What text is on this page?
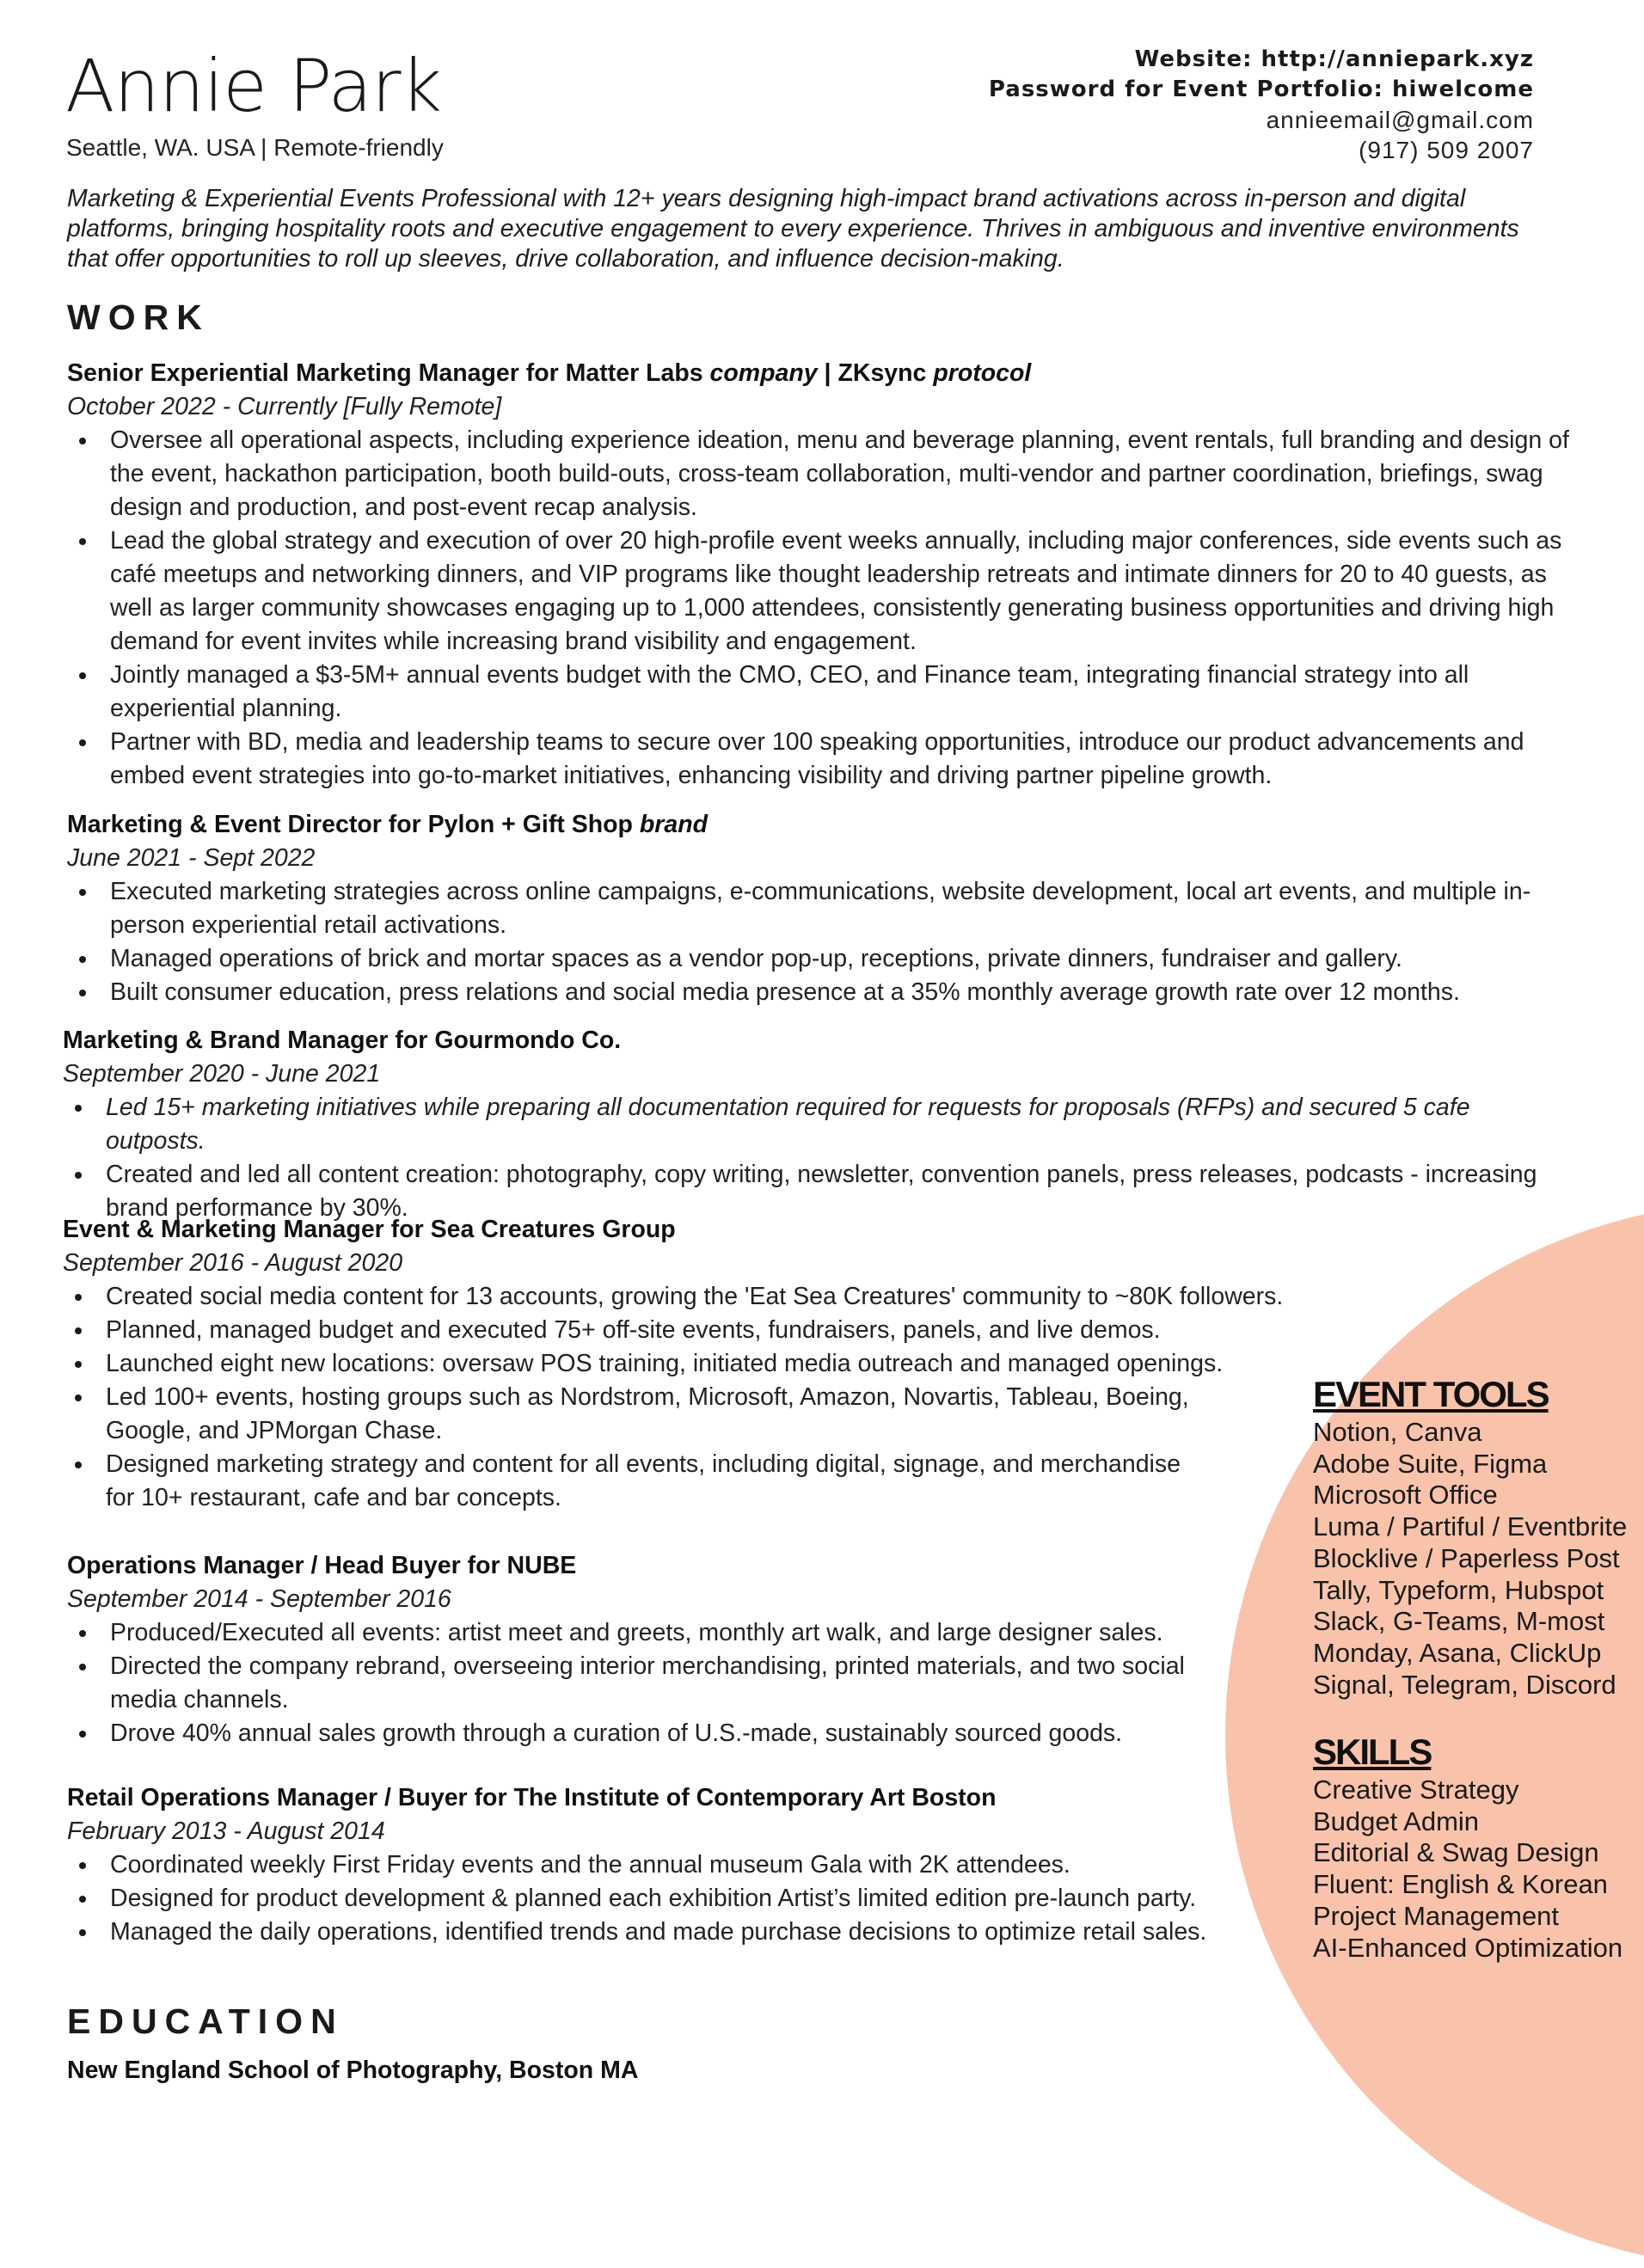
Annie Park
Seattle, WA. USA | Remote-friendly
Website: http://anniepark.xyz
Password for Event Portfolio: hiwelcome
annieemail@gmail.com
(917) 509 2007
Marketing & Experiential Events Professional with 12+ years designing high-impact brand activations across in-person and digital platforms, bringing hospitality roots and executive engagement to every experience. Thrives in ambiguous and inventive environments that offer opportunities to roll up sleeves, drive collaboration, and influence decision-making.
WORK
Senior Experiential Marketing Manager for Matter Labs company | ZKsync protocol
October 2022 - Currently [Fully Remote]
Oversee all operational aspects, including experience ideation, menu and beverage planning, event rentals, full branding and design of the event, hackathon participation, booth build-outs, cross-team collaboration, multi-vendor and partner coordination, briefings, swag design and production, and post-event recap analysis.
Lead the global strategy and execution of over 20 high-profile event weeks annually, including major conferences, side events such as café meetups and networking dinners, and VIP programs like thought leadership retreats and intimate dinners for 20 to 40 guests, as well as larger community showcases engaging up to 1,000 attendees, consistently generating business opportunities and driving high demand for event invites while increasing brand visibility and engagement.
Jointly managed a $3-5M+ annual events budget with the CMO, CEO, and Finance team, integrating financial strategy into all experiential planning.
Partner with BD, media and leadership teams to secure over 100 speaking opportunities, introduce our product advancements and embed event strategies into go-to-market initiatives, enhancing visibility and driving partner pipeline growth.
Marketing & Event Director for Pylon + Gift Shop brand
June 2021 - Sept 2022
Executed marketing strategies across online campaigns, e-communications, website development, local art events, and multiple in-person experiential retail activations.
Managed operations of brick and mortar spaces as a vendor pop-up, receptions, private dinners, fundraiser and gallery.
Built consumer education, press relations and social media presence at a 35% monthly average growth rate over 12 months.
Marketing & Brand Manager for Gourmondo Co.
September 2020 - June 2021
Led 15+ marketing initiatives while preparing all documentation required for requests for proposals (RFPs) and secured 5 cafe outposts.
Created and led all content creation: photography, copy writing, newsletter, convention panels, press releases, podcasts - increasing brand performance by 30%.
Event & Marketing Manager for Sea Creatures Group
September 2016 - August 2020
Created social media content for 13 accounts, growing the 'Eat Sea Creatures' community to ~80K followers.
Planned, managed budget and executed 75+ off-site events, fundraisers, panels, and live demos.
Launched eight new locations: oversaw POS training, initiated media outreach and managed openings.
Led 100+ events, hosting groups such as Nordstrom, Microsoft, Amazon, Novartis, Tableau, Boeing, Google, and JPMorgan Chase.
Designed marketing strategy and content for all events, including digital, signage, and merchandise for 10+ restaurant, cafe and bar concepts.
Operations Manager / Head Buyer for NUBE
September 2014 - September 2016
Produced/Executed all events: artist meet and greets, monthly art walk, and large designer sales.
Directed the company rebrand, overseeing interior merchandising, printed materials, and two social media channels.
Drove 40% annual sales growth through a curation of U.S.-made, sustainably sourced goods.
Retail Operations Manager / Buyer for The Institute of Contemporary Art Boston
February 2013 - August 2014
Coordinated weekly First Friday events and the annual museum Gala with 2K attendees.
Designed for product development & planned each exhibition Artist’s limited edition pre-launch party.
Managed the daily operations, identified trends and made purchase decisions to optimize retail sales.
EVENT TOOLS
Notion, Canva
Adobe Suite, Figma
Microsoft Office
Luma / Partiful / Eventbrite
Blocklive / Paperless Post
Tally, Typeform, Hubspot
Slack, G-Teams, M-most
Monday, Asana, ClickUp
Signal, Telegram, Discord
SKILLS
Creative Strategy
Budget Admin
Editorial & Swag Design
Fluent: English & Korean
Project Management
AI-Enhanced Optimization
EDUCATION
New England School of Photography, Boston MA
